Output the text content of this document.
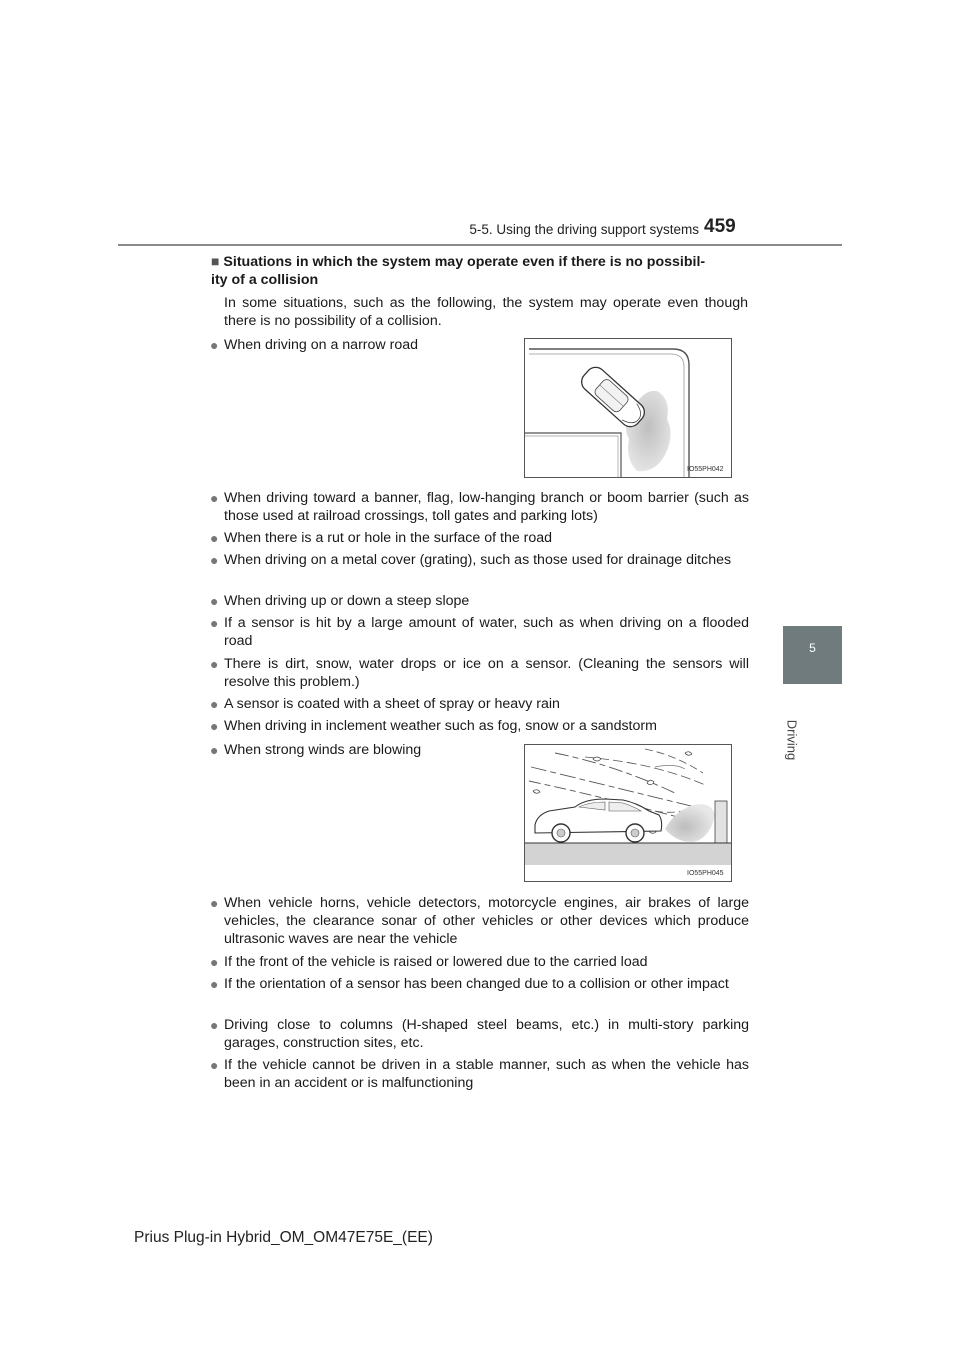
5-5. Using the driving support systems 459
5
Driving
■ Situations in which the system may operate even if there is no possibil-
ity of a collision
In some situations, such as the following, the system may operate even though there is no possibility of a collision.
● When driving on a narrow road
● When driving toward a banner, flag, low-hanging branch or boom barrier (such as those used at railroad crossings, toll gates and parking lots)
● When there is a rut or hole in the surface of the road
● When driving on a metal cover (grating), such as those used for drainage ditches
● When driving up or down a steep slope
● If a sensor is hit by a large amount of water, such as when driving on a flooded road
● There is dirt, snow, water drops or ice on a sensor. (Cleaning the sensors will resolve this problem.)
● A sensor is coated with a sheet of spray or heavy rain
● When driving in inclement weather such as fog, snow or a sandstorm
● When strong winds are blowing
● When vehicle horns, vehicle detectors, motorcycle engines, air brakes of large vehicles, the clearance sonar of other vehicles or other devices which produce ultrasonic waves are near the vehicle
● If the front of the vehicle is raised or lowered due to the carried load
● If the orientation of a sensor has been changed due to a collision or other impact
● Driving close to columns (H-shaped steel beams, etc.) in multi-story parking garages, construction sites, etc.
● If the vehicle cannot be driven in a stable manner, such as when the vehicle has been in an accident or is malfunctioning
IO55PH042
IO55PH045
Prius Plug-in Hybrid_OM_OM47E75E_(EE)
